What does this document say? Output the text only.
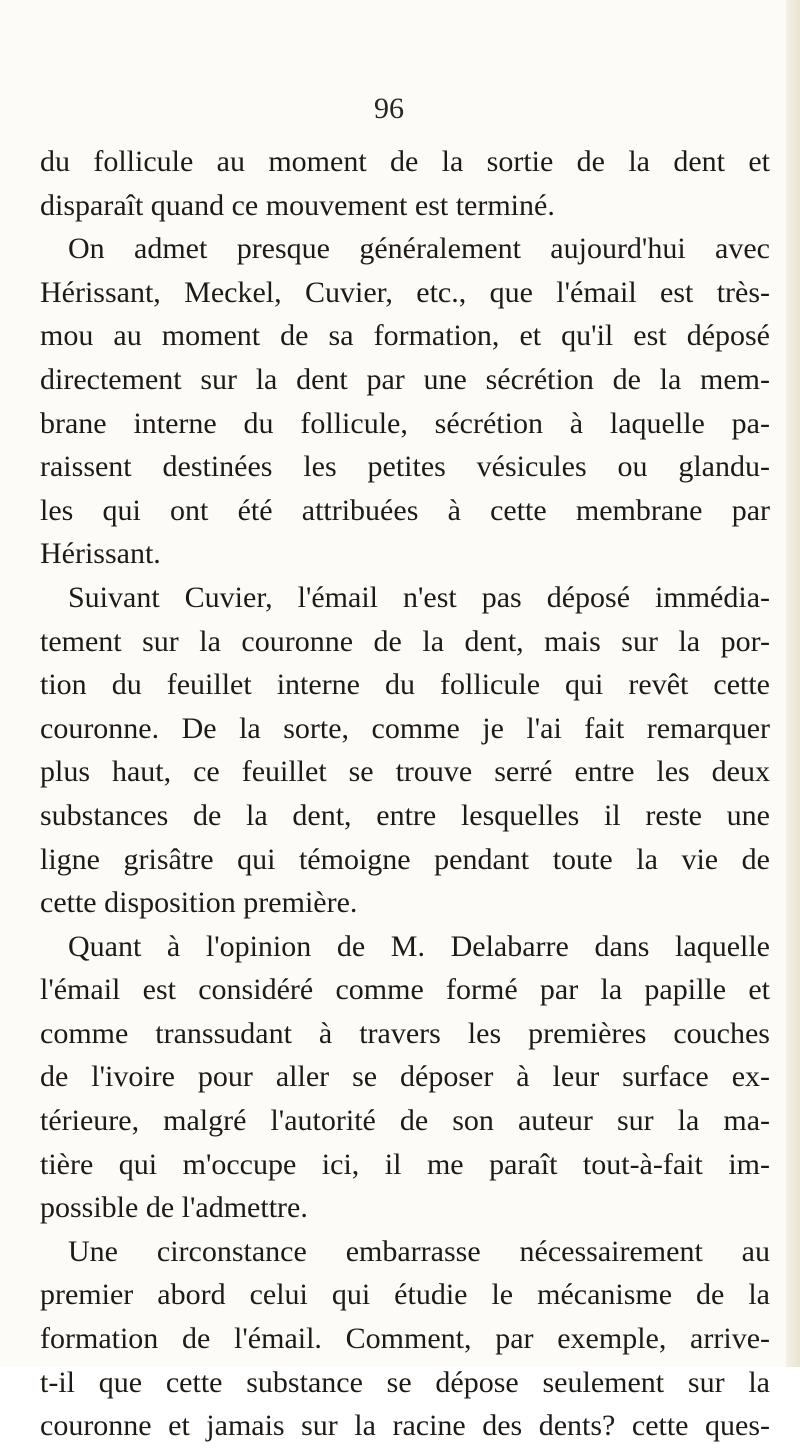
96

du follicule au moment de la sortie de la dent et
disparaît quand ce mouvement est terminé.
On admet presque généralement aujourd'hui avec
Hérissant, Meckel, Cuvier, etc., que l'émail est très-
mou au moment de sa formation, et qu'il est déposé
directement sur la dent par une sécrétion de la mem-
brane interne du follicule, sécrétion à laquelle pa-
raissent destinées les petites vésicules ou glandu-
les qui ont été attribuées à cette membrane par
Hérissant.
Suivant Cuvier, l'émail n'est pas déposé immédia-
tement sur la couronne de la dent, mais sur la por-
tion du feuillet interne du follicule qui revêt cette
couronne. De la sorte, comme je l'ai fait remarquer
plus haut, ce feuillet se trouve serré entre les deux
substances de la dent, entre lesquelles il reste une
ligne grisâtre qui témoigne pendant toute la vie de
cette disposition première.
Quant à l'opinion de M. Delabarre dans laquelle
l'émail est considéré comme formé par la papille et
comme transsudant à travers les premières couches
de l'ivoire pour aller se déposer à leur surface ex-
térieure, malgré l'autorité de son auteur sur la ma-
tière qui m'occupe ici, il me paraît tout-à-fait im-
possible de l'admettre.
Une circonstance embarrasse nécessairement au
premier abord celui qui étudie le mécanisme de la
formation de l'émail. Comment, par exemple, arrive-
t-il que cette substance se dépose seulement sur la
couronne et jamais sur la racine des dents? cette ques-
